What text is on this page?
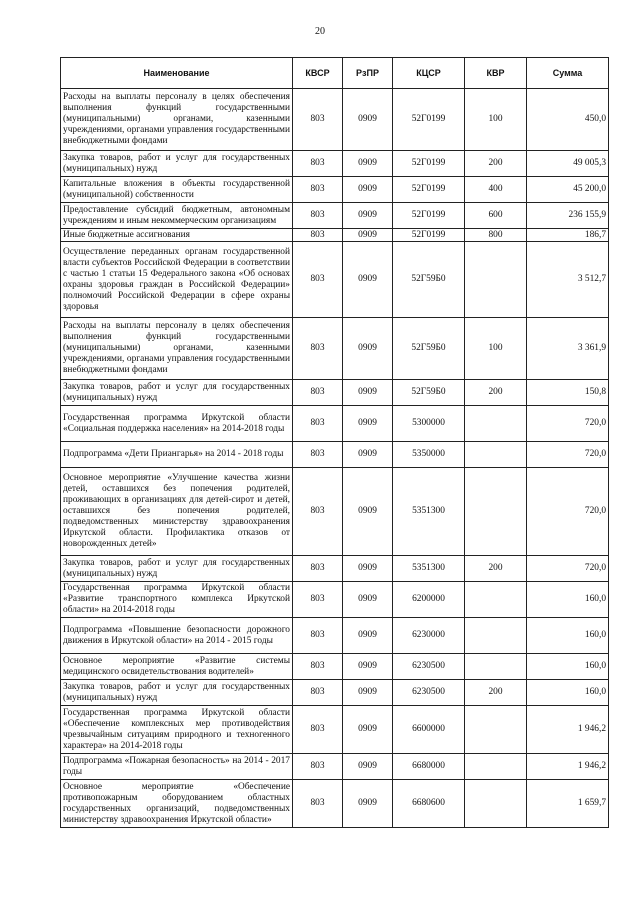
20
Наименование	КВСР	РзПР	КЦСР	КВР	Сумма
Расходы на выплаты персоналу в целях обеспечения выполнения функций государственными (муниципальными) органами, казенными учреждениями, органами управления государственными внебюджетными фондами	803	0909	52Г0199	100	450,0
Закупка товаров, работ и услуг для государственных (муниципальных) нужд	803	0909	52Г0199	200	49 005,3
Капитальные вложения в объекты государственной (муниципальной) собственности	803	0909	52Г0199	400	45 200,0
Предоставление субсидий бюджетным, автономным учреждениям и иным некоммерческим организациям	803	0909	52Г0199	600	236 155,9
Иные бюджетные ассигнования	803	0909	52Г0199	800	186,7
Осуществление переданных органам государственной власти субъектов Российской Федерации в соответствии с частью 1 статьи 15 Федерального закона «Об основах охраны здоровья граждан в Российской Федерации» полномочий Российской Федерации в сфере охраны здоровья	803	0909	52Г59Б0		3 512,7
Расходы на выплаты персоналу в целях обеспечения выполнения функций государственными (муниципальными) органами, казенными учреждениями, органами управления государственными внебюджетными фондами	803	0909	52Г59Б0	100	3 361,9
Закупка товаров, работ и услуг для государственных (муниципальных) нужд	803	0909	52Г59Б0	200	150,8
Государственная программа Иркутской области «Социальная поддержка населения» на 2014-2018 годы	803	0909	5300000		720,0
Подпрограмма «Дети Приангарья» на 2014 - 2018 годы	803	0909	5350000		720,0
Основное мероприятие «Улучшение качества жизни детей, оставшихся без попечения родителей, проживающих в организациях для детей-сирот и детей, оставшихся без попечения родителей, подведомственных министерству здравоохранения Иркутской области. Профилактика отказов от новорожденных детей»	803	0909	5351300		720,0
Закупка товаров, работ и услуг для государственных (муниципальных) нужд	803	0909	5351300	200	720,0
Государственная программа Иркутской области «Развитие транспортного комплекса Иркутской области» на 2014-2018 годы	803	0909	6200000		160,0
Подпрограмма «Повышение безопасности дорожного движения в Иркутской области» на 2014 - 2015 годы	803	0909	6230000		160,0
Основное мероприятие «Развитие системы медицинского освидетельствования водителей»	803	0909	6230500		160,0
Закупка товаров, работ и услуг для государственных (муниципальных) нужд	803	0909	6230500	200	160,0
Государственная программа Иркутской области «Обеспечение комплексных мер противодействия чрезвычайным ситуациям природного и техногенного характера» на 2014-2018 годы	803	0909	6600000		1 946,2
Подпрограмма «Пожарная безопасность» на 2014 - 2017 годы	803	0909	6680000		1 946,2
Основное мероприятие «Обеспечение противопожарным оборудованием областных государственных организаций, подведомственных министерству здравоохранения Иркутской области»	803	0909	6680600		1 659,7
